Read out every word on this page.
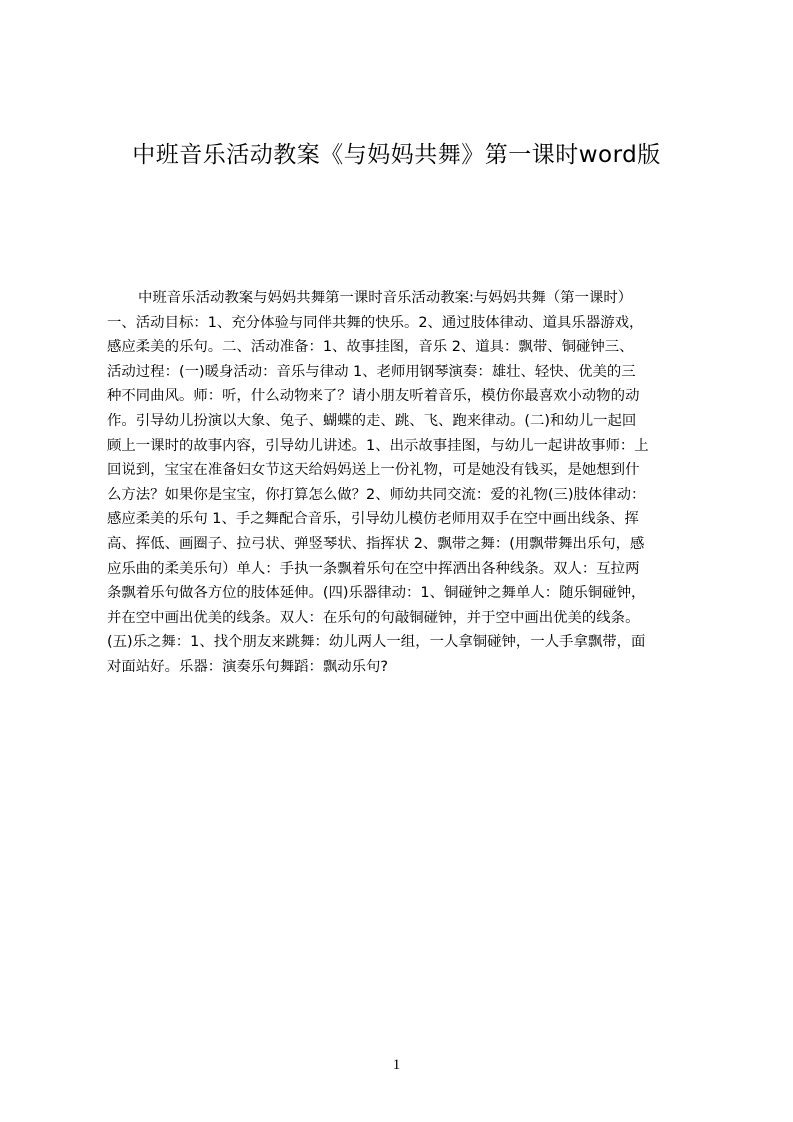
中班音乐活动教案《与妈妈共舞》第一课时word版
中班音乐活动教案与妈妈共舞第一课时音乐活动教案:与妈妈共舞（第一课时）
一、活动目标：1、充分体验与同伴共舞的快乐。2、通过肢体律动、道具乐器游戏，
感应柔美的乐句。二、活动准备：1、故事挂图，音乐 2、道具：飘带、铜碰钟三、
活动过程：(一)暖身活动：音乐与律动 1、老师用钢琴演奏：雄壮、轻快、优美的三
种不同曲风。师：听，什么动物来了？请小朋友听着音乐，模仿你最喜欢小动物的动
作。引导幼儿扮演以大象、兔子、蝴蝶的走、跳、飞、跑来律动。(二)和幼儿一起回
顾上一课时的故事内容，引导幼儿讲述。1、出示故事挂图，与幼儿一起讲故事师：上
回说到，宝宝在准备妇女节这天给妈妈送上一份礼物，可是她没有钱买，是她想到什
么方法？如果你是宝宝，你打算怎么做？2、师幼共同交流：爱的礼物(三)肢体律动：
感应柔美的乐句 1、手之舞配合音乐，引导幼儿模仿老师用双手在空中画出线条、挥
高、挥低、画圈子、拉弓状、弹竖琴状、指挥状 2、飘带之舞：(用飘带舞出乐句，感
应乐曲的柔美乐句）单人：手执一条飘着乐句在空中挥洒出各种线条。双人：互拉两
条飘着乐句做各方位的肢体延伸。(四)乐器律动：1、铜碰钟之舞单人：随乐铜碰钟，
并在空中画出优美的线条。双人：在乐句的句敲铜碰钟，并于空中画出优美的线条。
(五)乐之舞：1、找个朋友来跳舞：幼儿两人一组，一人拿铜碰钟，一人手拿飘带，面
对面站好。乐器：演奏乐句舞蹈：飘动乐句?
1
